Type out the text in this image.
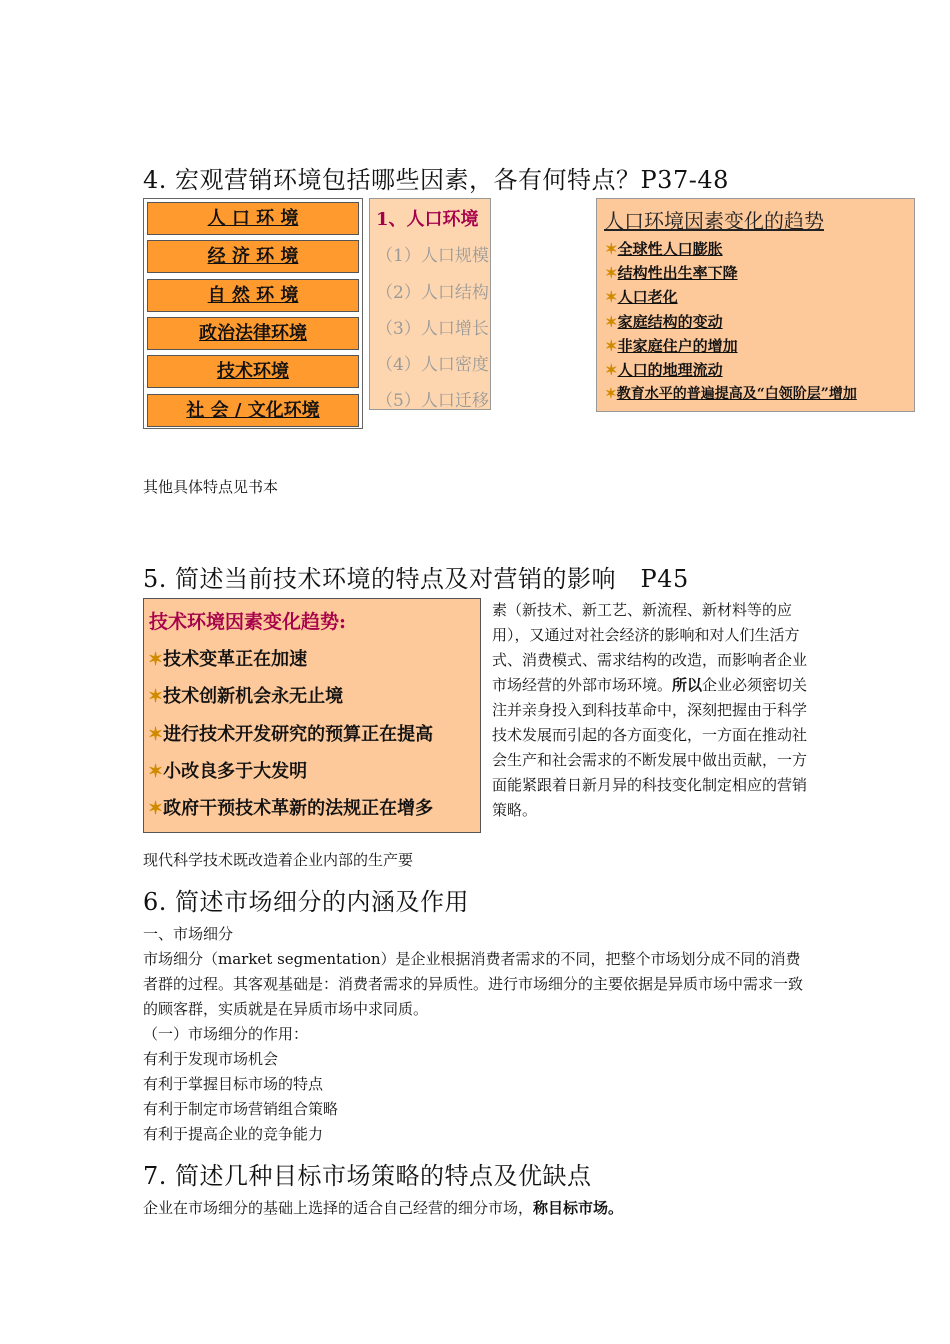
4. 宏观营销环境包括哪些因素，各有何特点？P37-48
人 口 环 境
经 济 环 境
自 然 环 境
政治法律环境
技术环境
社 会 / 文化环境
1、人口环境
（1）人口规模
（2）人口结构
（3）人口增长
（4）人口密度
（5）人口迁移
人口环境因素变化的趋势
✶全球性人口膨胀
✶结构性出生率下降
✶人口老化
✶家庭结构的变动
✶非家庭住户的增加
✶人口的地理流动
✶教育水平的普遍提高及“白领阶层”增加
其他具体特点见书本
5. 简述当前技术环境的特点及对营销的影响　P45
技术环境因素变化趋势:
✶技术变革正在加速
✶技术创新机会永无止境
✶进行技术开发研究的预算正在提高
✶小改良多于大发明
✶政府干预技术革新的法规正在增多
素（新技术、新工艺、新流程、新材料等的应用），又通过对社会经济的影响和对人们生活方式、消费模式、需求结构的改造，而影响者企业市场经营的外部市场环境。所以企业必须密切关注并亲身投入到科技革命中，深刻把握由于科学技术发展而引起的各方面变化，一方面在推动社会生产和社会需求的不断发展中做出贡献，一方面能紧跟着日新月异的科技变化制定相应的营销策略。
现代科学技术既改造着企业内部的生产要
6. 简述市场细分的内涵及作用
一、市场细分
市场细分（market segmentation）是企业根据消费者需求的不同，把整个市场划分成不同的消费者群的过程。其客观基础是：消费者需求的异质性。进行市场细分的主要依据是异质市场中需求一致的顾客群，实质就是在异质市场中求同质。
（一）市场细分的作用：
有利于发现市场机会
有利于掌握目标市场的特点
有利于制定市场营销组合策略
有利于提高企业的竞争能力
7. 简述几种目标市场策略的特点及优缺点
企业在市场细分的基础上选择的适合自己经营的细分市场，称目标市场。
